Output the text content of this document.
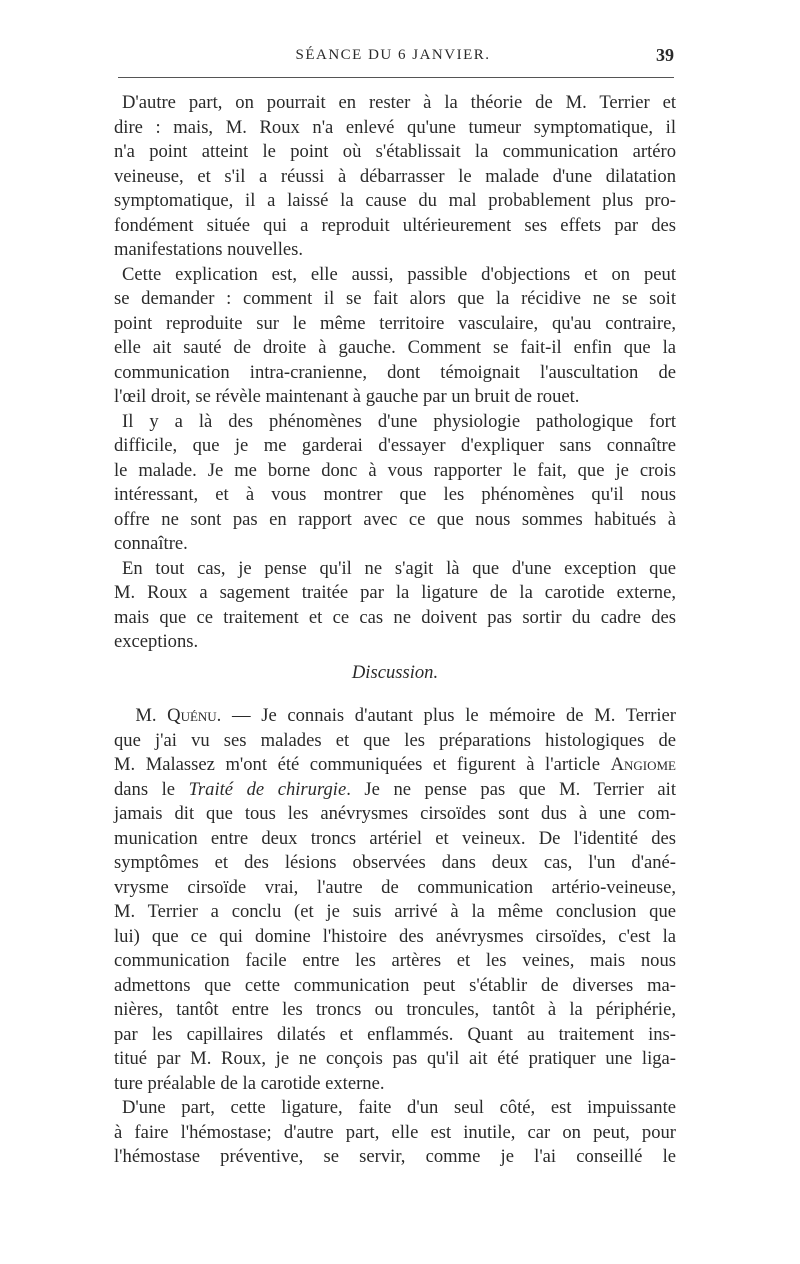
SÉANCE DU 6 JANVIER.	39

D'autre part, on pourrait en rester à la théorie de M. Terrier et
dire : mais, M. Roux n'a enlevé qu'une tumeur symptomatique, il
n'a point atteint le point où s'établissait la communication artéro
veineuse, et s'il a réussi à débarrasser le malade d'une dilatation
symptomatique, il a laissé la cause du mal probablement plus pro-
fondément située qui a reproduit ultérieurement ses effets par des
manifestations nouvelles.

Cette explication est, elle aussi, passible d'objections et on peut
se demander : comment il se fait alors que la récidive ne se soit
point reproduite sur le même territoire vasculaire, qu'au contraire,
elle ait sauté de droite à gauche. Comment se fait-il enfin que la
communication intra-cranienne, dont témoignait l'auscultation de
l'œil droit, se révèle maintenant à gauche par un bruit de rouet.

Il y a là des phénomènes d'une physiologie pathologique fort
difficile, que je me garderai d'essayer d'expliquer sans connaître
le malade. Je me borne donc à vous rapporter le fait, que je crois
intéressant, et à vous montrer que les phénomènes qu'il nous
offre ne sont pas en rapport avec ce que nous sommes habitués à
connaître.

En tout cas, je pense qu'il ne s'agit là que d'une exception que
M. Roux a sagement traitée par la ligature de la carotide externe,
mais que ce traitement et ce cas ne doivent pas sortir du cadre des
exceptions.

Discussion.

M. Quénu. — Je connais d'autant plus le mémoire de M. Terrier
que j'ai vu ses malades et que les préparations histologiques de
M. Malassez m'ont été communiquées et figurent à l'article Angiome
dans le Traité de chirurgie. Je ne pense pas que M. Terrier ait
jamais dit que tous les anévrysmes cirsoïdes sont dus à une com-
munication entre deux troncs artériel et veineux. De l'identité des
symptômes et des lésions observées dans deux cas, l'un d'ané-
vrysme cirsoïde vrai, l'autre de communication artério-veineuse,
M. Terrier a conclu (et je suis arrivé à la même conclusion que
lui) que ce qui domine l'histoire des anévrysmes cirsoïdes, c'est la
communication facile entre les artères et les veines, mais nous
admettons que cette communication peut s'établir de diverses ma-
nières, tantôt entre les troncs ou troncules, tantôt à la périphérie,
par les capillaires dilatés et enflammés. Quant au traitement ins-
titué par M. Roux, je ne conçois pas qu'il ait été pratiquer une liga-
ture préalable de la carotide externe.

D'une part, cette ligature, faite d'un seul côté, est impuissante
à faire l'hémostase; d'autre part, elle est inutile, car on peut, pour
l'hémostase préventive, se servir, comme je l'ai conseillé le
